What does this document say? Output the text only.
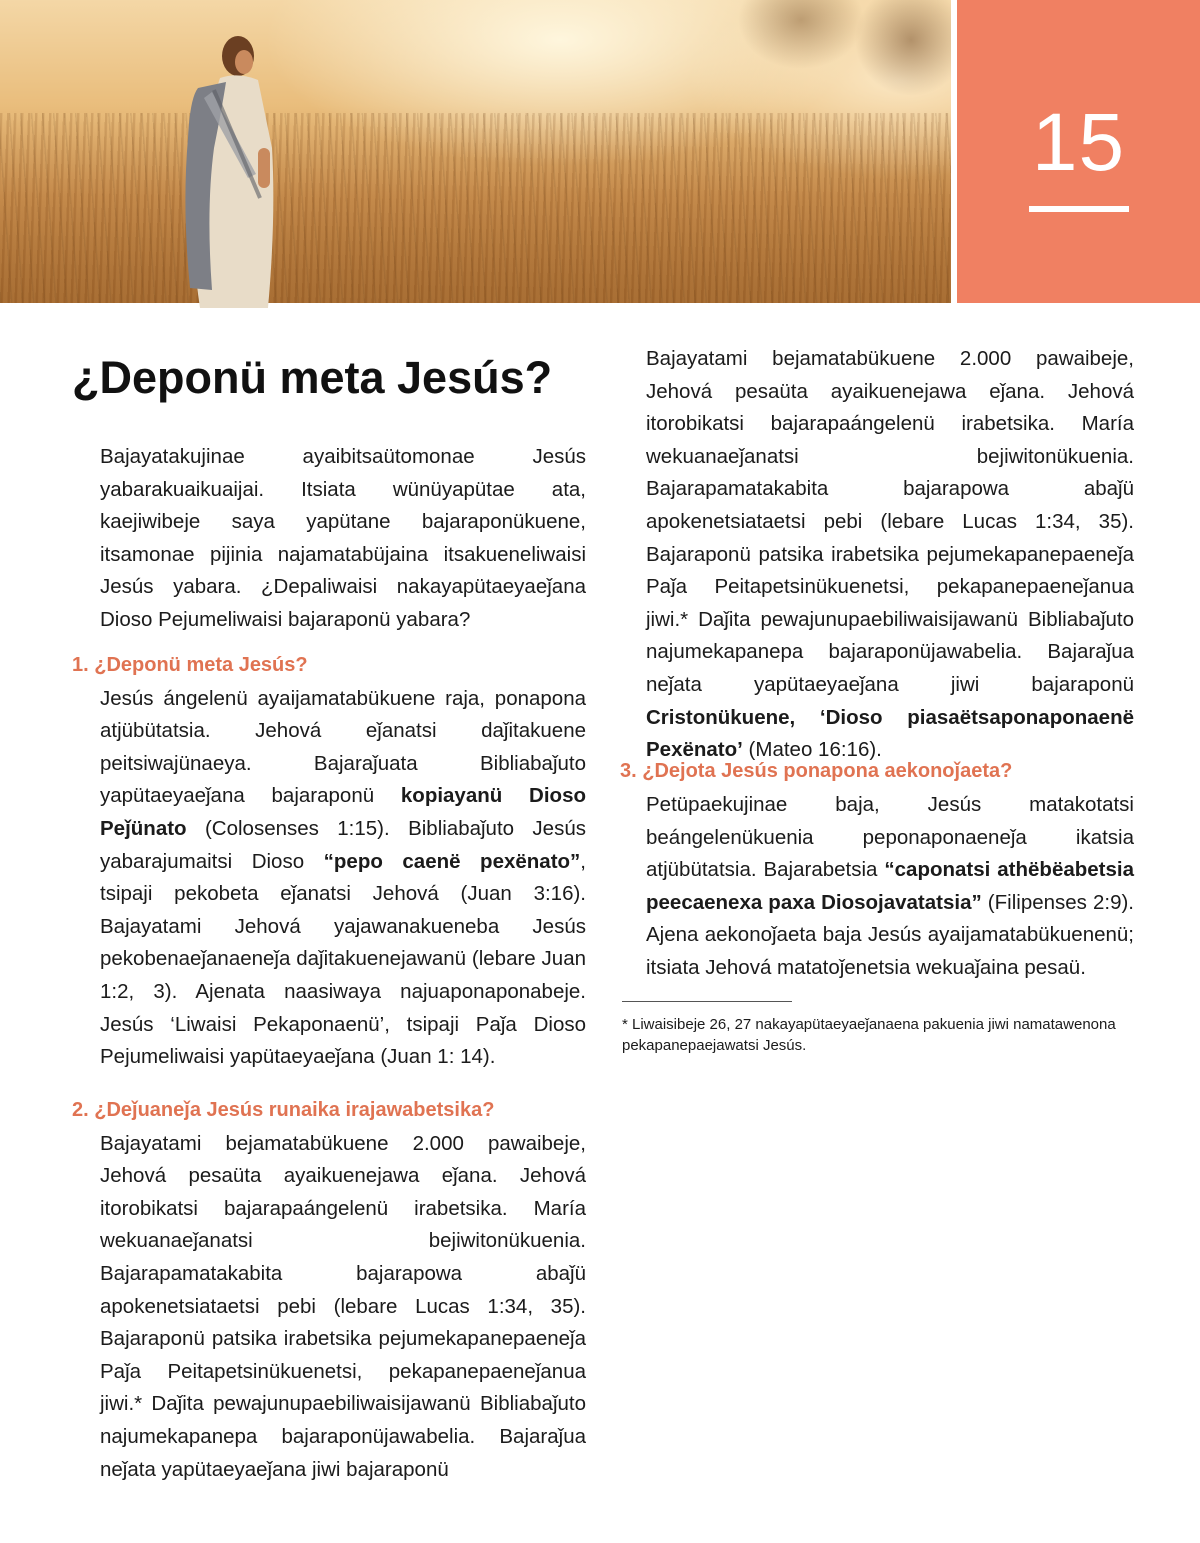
15
¿Deponü meta Jesús?

Bajayatakujinae ayaibitsaütomonae Jesús yabarakuaikuaijai. Itsiata wünüyapütae ata, kaejiwibeje saya yapütane bajaraponükuene, itsamonae pijinia najamatabüjaina itsakueneliwaisi Jesús yabara. ¿Depaliwaisi nakayapütaeyaeǰana Dioso Pejumeliwaisi bajaraponü yabara?

1. ¿Deponü meta Jesús?

Jesús ángelenü ayaijamatabükuene raja, ponapona atjübütatsia. Jehová eǰanatsi daǰitakuene peitsiwajünaeya. Bajaraǰuata Bibliabaǰuto yapütaeyaeǰana bajaraponü kopiayanü Dioso Peǰünato (Colosenses 1:15). Bibliabaǰuto Jesús yabarajumaitsi Dioso “pepo caenë pexënato”, tsipaji pekobeta eǰanatsi Jehová (Juan 3:16). Bajayatami Jehová yajawanakueneba Jesús pekobenaeǰanaeneǰa daǰitakuenejawanü (lebare Juan 1:2, 3). Ajenata naasiwaya najuaponaponabeje. Jesús ‘Liwaisi Pekaponaenü’, tsipaji Paǰa Dioso Pejumeliwaisi yapütaeyaeǰana (Juan 1: 14).

2. ¿Deǰuaneǰa Jesús runaika irajawabetsika?

Bajayatami bejamatabükuene 2.000 pawaibeje, Jehová pesaüta ayaikuenejawa eǰana. Jehová itorobikatsi bajarapaángelenü irabetsika. María wekuanaeǰanatsi bejiwitonükuenia. Bajarapamatakabita bajarapowa abaǰü apokenetsiataetsi pebi (lebare Lucas 1:34, 35). Bajaraponü patsika irabetsika pejumekapanepaeneǰa Paǰa Peitapetsinükuenetsi, pekapanepaeneǰanua jiwi.* Daǰita pewajunupaebiliwaisijawanü Bibliabaǰuto najumekapanepa bajaraponüjawabelia. Bajaraǰua neǰata yapütaeyaeǰana jiwi bajaraponü

Bajayatami bejamatabükuene 2.000 pawaibeje, Jehová pesaüta ayaikuenejawa eǰana. Jehová itorobikatsi bajarapaángelenü irabetsika. María wekuanaeǰanatsi bejiwitonükuenia. Bajarapamatakabita bajarapowa abaǰü apokenetsiataetsi pebi (lebare Lucas 1:34, 35). Bajaraponü patsika irabetsika pejumekapanepaeneǰa Paǰa Peitapetsinükuenetsi, pekapanepaeneǰanua jiwi.* Daǰita pewajunupaebiliwaisijawanü Bibliabaǰuto najumekapanepa bajaraponüjawabelia. Bajaraǰua neǰata yapütaeyaeǰana jiwi bajaraponü Cristonükuene, ‘Dioso piasaëtsaponaponaenë Pexënato’ (Mateo 16:16).

3. ¿Dejota Jesús ponapona aekonoǰaeta?

Petüpaekujinae baja, Jesús matakotatsi beángelenükuenia peponaponaeneǰa ikatsia atjübütatsia. Bajarabetsia “caponatsi athëbëabetsia peecaenexa paxa Diosojavatatsia” (Filipenses 2:9). Ajena aekonoǰaeta baja Jesús ayaijamatabükuenenü; itsiata Jehová matatoǰenetsia wekuaǰaina pesaü.

* Liwaisibeje 26, 27 nakayapütaeyaeǰanaena pakuenia jiwi namatawenona pekapanepaejawatsi Jesús.
